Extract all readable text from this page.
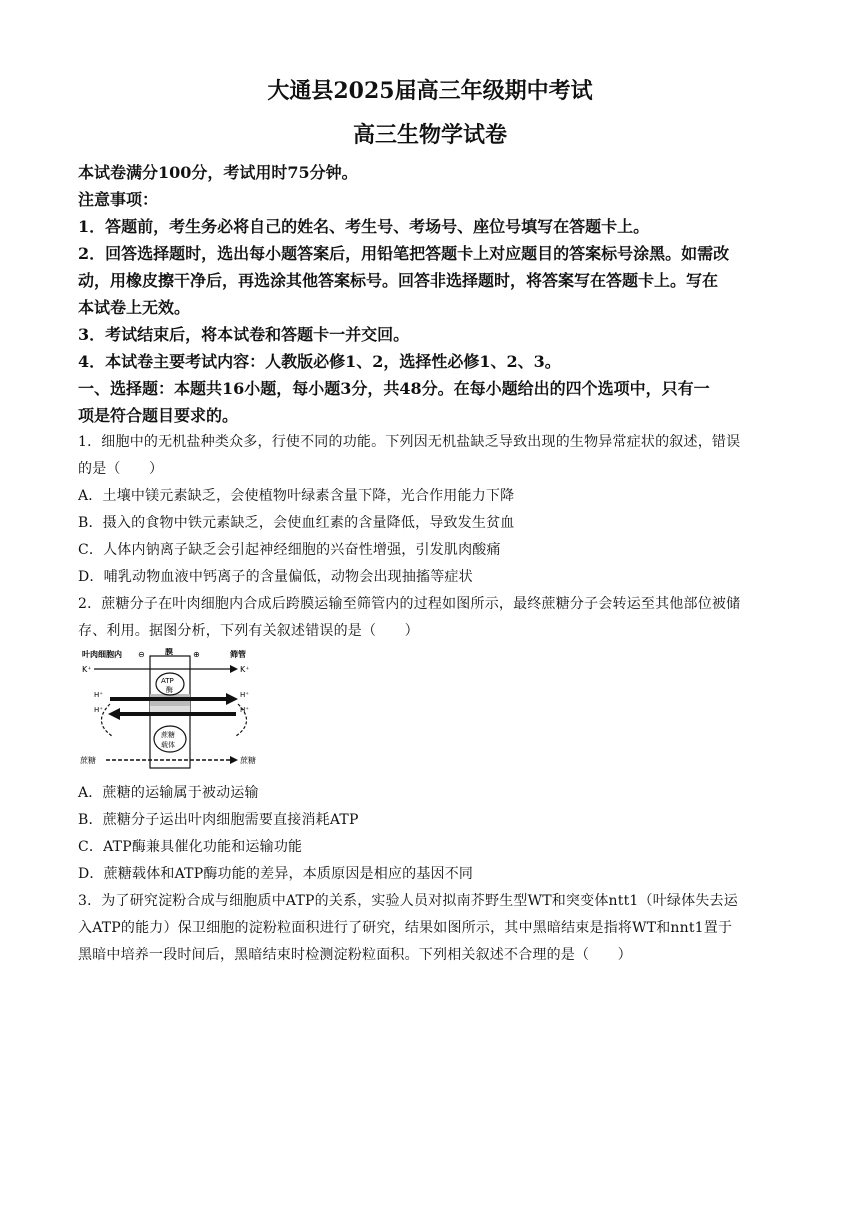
大通县2025届高三年级期中考试
高三生物学试卷
本试卷满分100分，考试用时75分钟。
注意事项：
1．答题前，考生务必将自己的姓名、考生号、考场号、座位号填写在答题卡上。
2．回答选择题时，选出每小题答案后，用铅笔把答题卡上对应题目的答案标号涂黑。如需改
动，用橡皮擦干净后，再选涂其他答案标号。回答非选择题时，将答案写在答题卡上。写在
本试卷上无效。
3．考试结束后，将本试卷和答题卡一并交回。
4．本试卷主要考试内容：人教版必修1、2，选择性必修1、2、3。
一、选择题：本题共16小题，每小题3分，共48分。在每小题给出的四个选项中，只有一
项是符合题目要求的。
1．细胞中的无机盐种类众多，行使不同的功能。下列因无机盐缺乏导致出现的生物异常症状的叙述，错误
的是（　　）
A．土壤中镁元素缺乏，会使植物叶绿素含量下降，光合作用能力下降
B．摄入的食物中铁元素缺乏，会使血红素的含量降低，导致发生贫血
C．人体内钠离子缺乏会引起神经细胞的兴奋性增强，引发肌肉酸痛
D．哺乳动物血液中钙离子的含量偏低，动物会出现抽搐等症状
2．蔗糖分子在叶肉细胞内合成后跨膜运输至筛管内的过程如图所示，最终蔗糖分子会转运至其他部位被储
存、利用。据图分析，下列有关叙述错误的是（　　）
叶肉细胞内 ⊖	膜	⊕	筛管
K⁺	K⁺
ATP
酶
H⁺	H⁺
H⁺	H⁺
蔗糖
载体
蔗糖	蔗糖
A．蔗糖的运输属于被动运输
B．蔗糖分子运出叶肉细胞需要直接消耗ATP
C．ATP酶兼具催化功能和运输功能
D．蔗糖载体和ATP酶功能的差异，本质原因是相应的基因不同
3．为了研究淀粉合成与细胞质中ATP的关系，实验人员对拟南芥野生型WT和突变体ntt1（叶绿体失去运
入ATP的能力）保卫细胞的淀粉粒面积进行了研究，结果如图所示，其中黑暗结束是指将WT和nnt1置于
黑暗中培养一段时间后，黑暗结束时检测淀粉粒面积。下列相关叙述不合理的是（　　）
